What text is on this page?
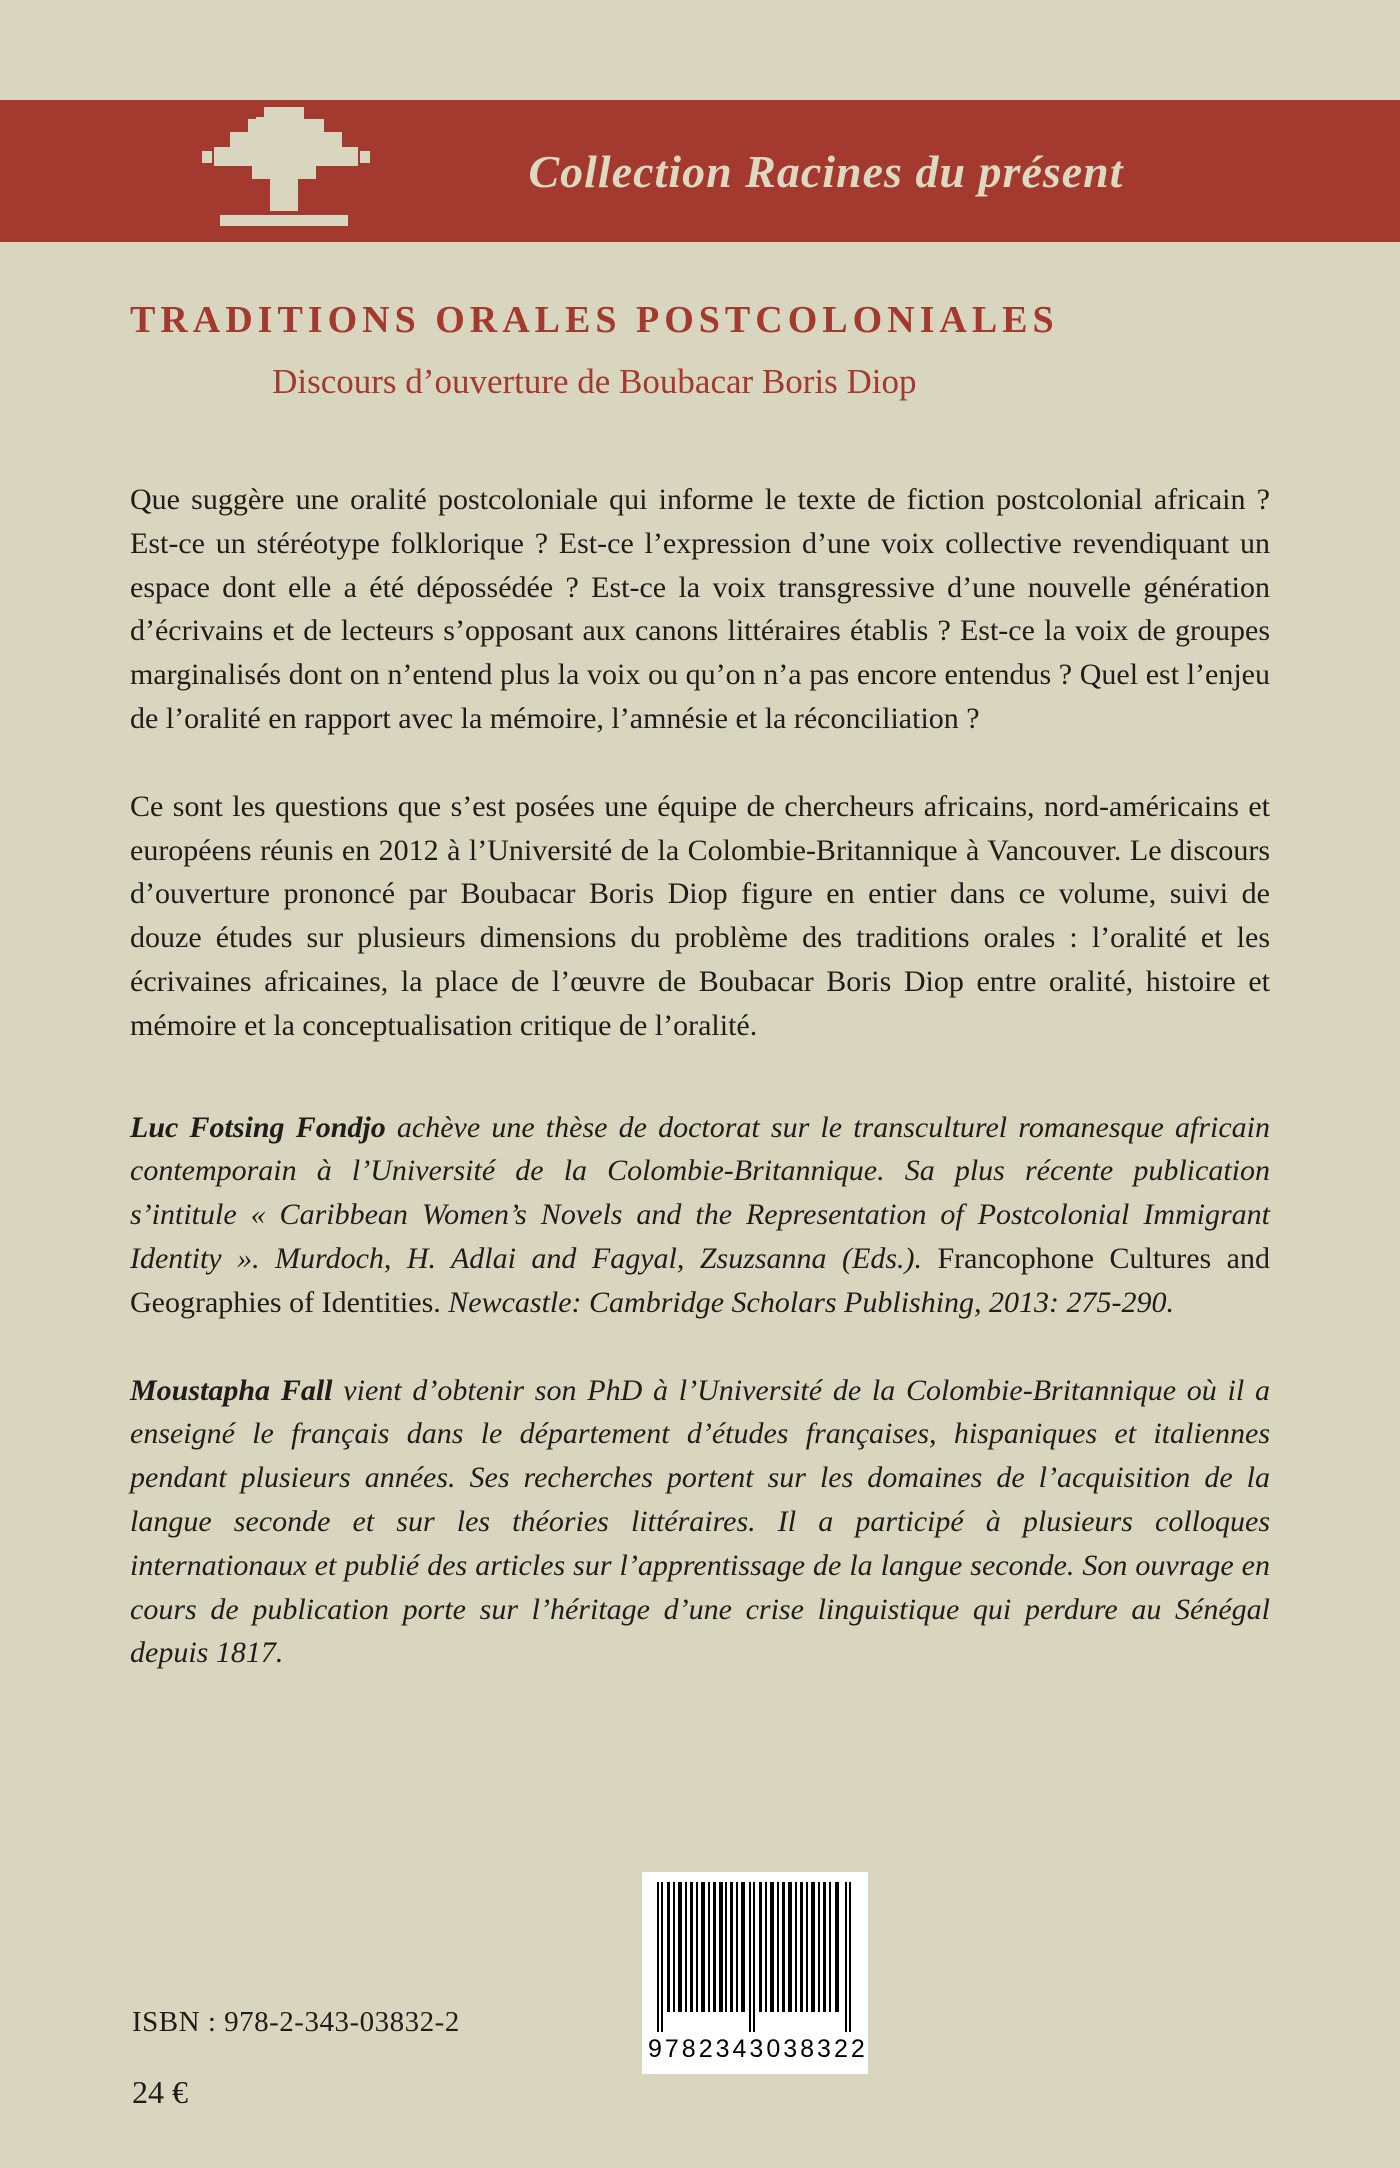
Collection Racines du présent
TRADITIONS ORALES POSTCOLONIALES
Discours d’ouverture de Boubacar Boris Diop

Que suggère une oralité postcoloniale qui informe le texte de fiction postcolonial africain ? Est-ce un stéréotype folklorique ? Est-ce l’expression d’une voix collective revendiquant un espace dont elle a été dépossédée ? Est-ce la voix transgressive d’une nouvelle génération d’écrivains et de lecteurs s’opposant aux canons littéraires établis ? Est-ce la voix de groupes marginalisés dont on n’entend plus la voix ou qu’on n’a pas encore entendus ? Quel est l’enjeu de l’oralité en rapport avec la mémoire, l’amnésie et la réconciliation ?

Ce sont les questions que s’est posées une équipe de chercheurs africains, nord-américains et européens réunis en 2012 à l’Université de la Colombie-Britannique à Vancouver. Le discours d’ouverture prononcé par Boubacar Boris Diop figure en entier dans ce volume, suivi de douze études sur plusieurs dimensions du problème des traditions orales : l’oralité et les écrivaines africaines, la place de l’œuvre de Boubacar Boris Diop entre oralité, histoire et mémoire et la conceptualisation critique de l’oralité.

Luc Fotsing Fondjo achève une thèse de doctorat sur le transculturel romanesque africain contemporain à l’Université de la Colombie-Britannique. Sa plus récente publication s’intitule « Caribbean Women’s Novels and the Representation of Postcolonial Immigrant Identity ». Murdoch, H. Adlai and Fagyal, Zsuzsanna (Eds.). Francophone Cultures and Geographies of Identities. Newcastle: Cambridge Scholars Publishing, 2013: 275-290.

Moustapha Fall vient d’obtenir son PhD à l’Université de la Colombie-Britannique où il a enseigné le français dans le département d’études françaises, hispaniques et italiennes pendant plusieurs années. Ses recherches portent sur les domaines de l’acquisition de la langue seconde et sur les théories littéraires. Il a participé à plusieurs colloques internationaux et publié des articles sur l’apprentissage de la langue seconde. Son ouvrage en cours de publication porte sur l’héritage d’une crise linguistique qui perdure au Sénégal depuis 1817.

9782343038322
ISBN : 978-2-343-03832-2
24 €
